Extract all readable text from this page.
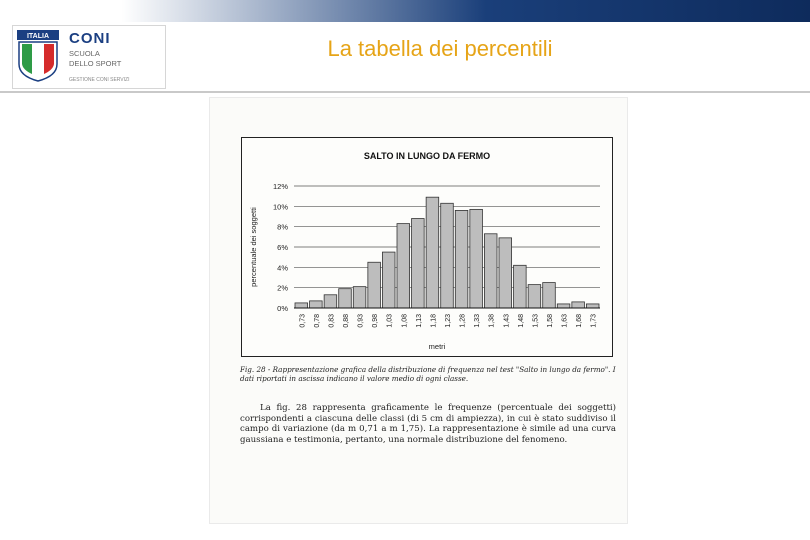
ITALIA CONI
SCUOLA
DELLO SPORT
GESTIONE CONI SERVIZI
La tabella dei percentili
SALTO IN LUNGO DA FERMO
0%
2%
4%
6%
8%
10%
12%
percentuale dei soggetti
0,73 0,78 0,83 0,88 0,93 0,98 1,03 1,08 1,13 1,18 1,23 1,28 1,33 1,38 1,43 1,48 1,53 1,58 1,63 1,68 1,73
metri
Fig. 28 - Rappresentazione grafica della distribuzione di frequenza nel test "Salto in lungo da fermo". I dati riportati in ascissa indicano il valore medio di ogni classe.
La fig. 28 rappresenta graficamente le frequenze (percentuale dei soggetti) corrispondenti a ciascuna delle classi (di 5 cm di ampiezza), in cui è stato suddiviso il campo di variazione (da m 0,71 a m 1,75). La rappresentazione è simile ad una curva gaussiana e testimonia, pertanto, una normale distribuzione del fenomeno.
